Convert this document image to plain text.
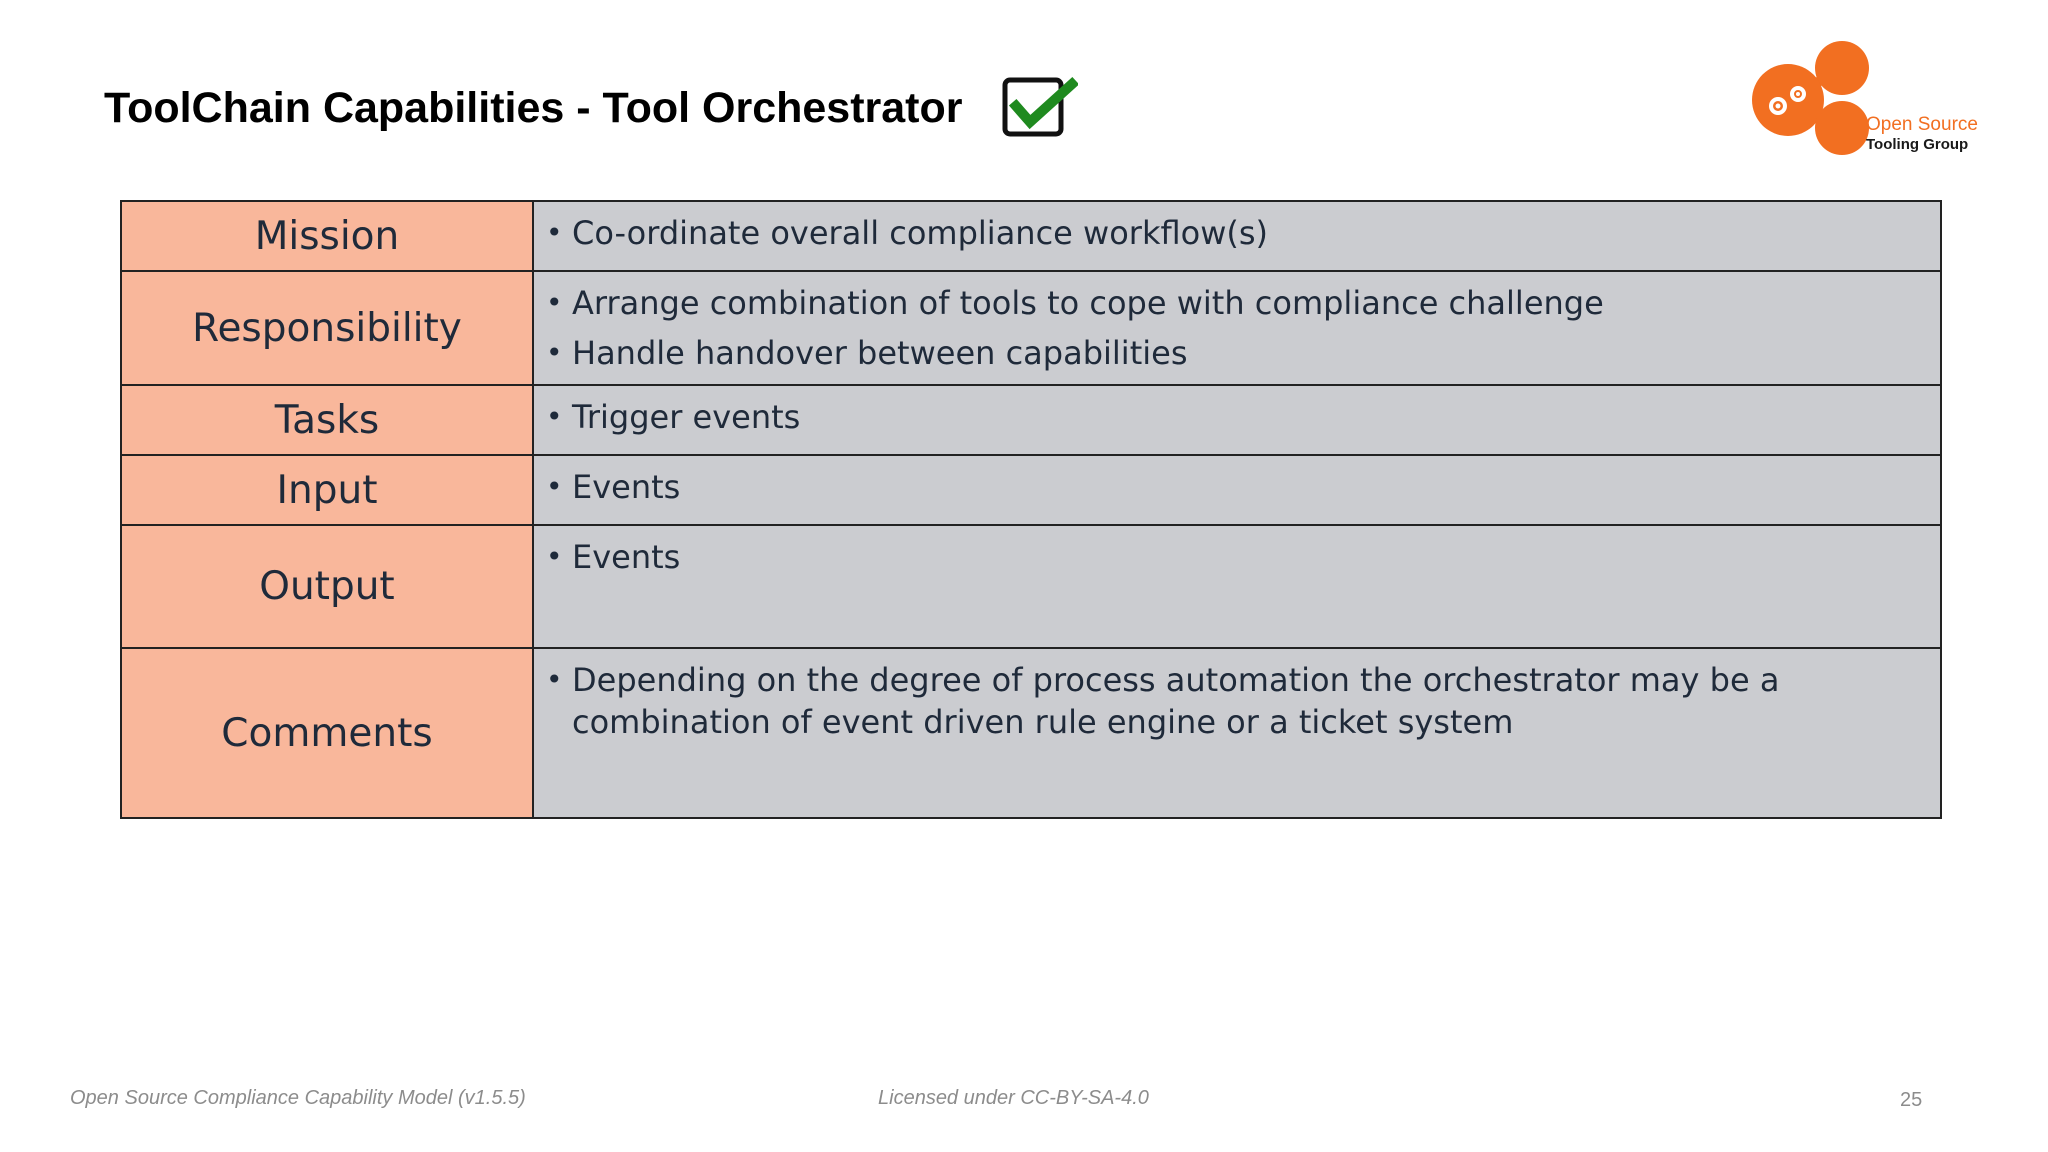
ToolChain Capabilities - Tool Orchestrator	Open Source
Tooling Group
Mission	• Co-ordinate overall compliance workflow(s)

Responsibility	• Arrange combination of tools to cope with compliance challenge
• Handle handover between capabilities

Tasks	• Trigger events

Input	• Events

Output	• Events

Comments	• Depending on the degree of process automation the orchestrator may be a combination of event driven rule engine or a ticket system
Open Source Compliance Capability Model (v1.5.5)	Licensed under CC-BY-SA-4.0	25
